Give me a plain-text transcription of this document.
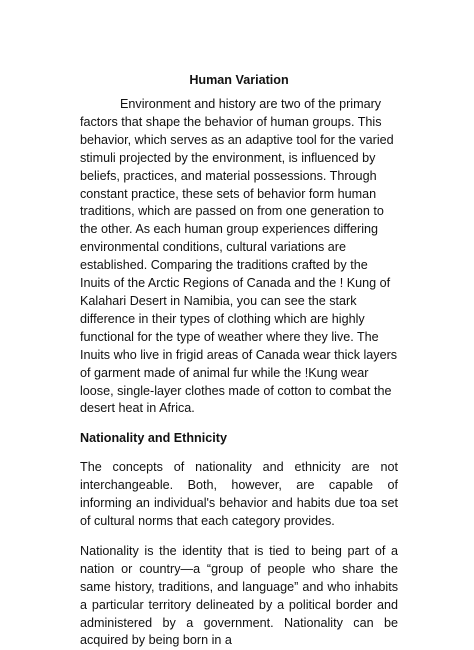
Human Variation

Environment and history are two of the primary factors that shape the behavior of human groups. This behavior, which serves as an adaptive tool for the varied stimuli projected by the environment, is influenced by beliefs, practices, and material possessions. Through constant practice, these sets of behavior form human traditions, which are passed on from one generation to the other. As each human group experiences differing environmental conditions, cultural variations are established. Comparing the traditions crafted by the Inuits of the Arctic Regions of Canada and the ! Kung of Kalahari Desert in Namibia, you can see the stark difference in their types of clothing which are highly functional for the type of weather where they live. The Inuits who live in frigid areas of Canada wear thick layers of garment made of animal fur while the !Kung wear loose, single-layer clothes made of cotton to combat the desert heat in Africa.

Nationality and Ethnicity

The concepts of nationality and ethnicity are not interchangeable. Both, however, are capable of informing an individual's behavior and habits due toa set of cultural norms that each category provides.

Nationality is the identity that is tied to being part of a nation or country—a “group of people who share the same history, traditions, and language” and who inhabits a particular territory delineated by a political border and administered by a government. Nationality can be acquired by being born in a
